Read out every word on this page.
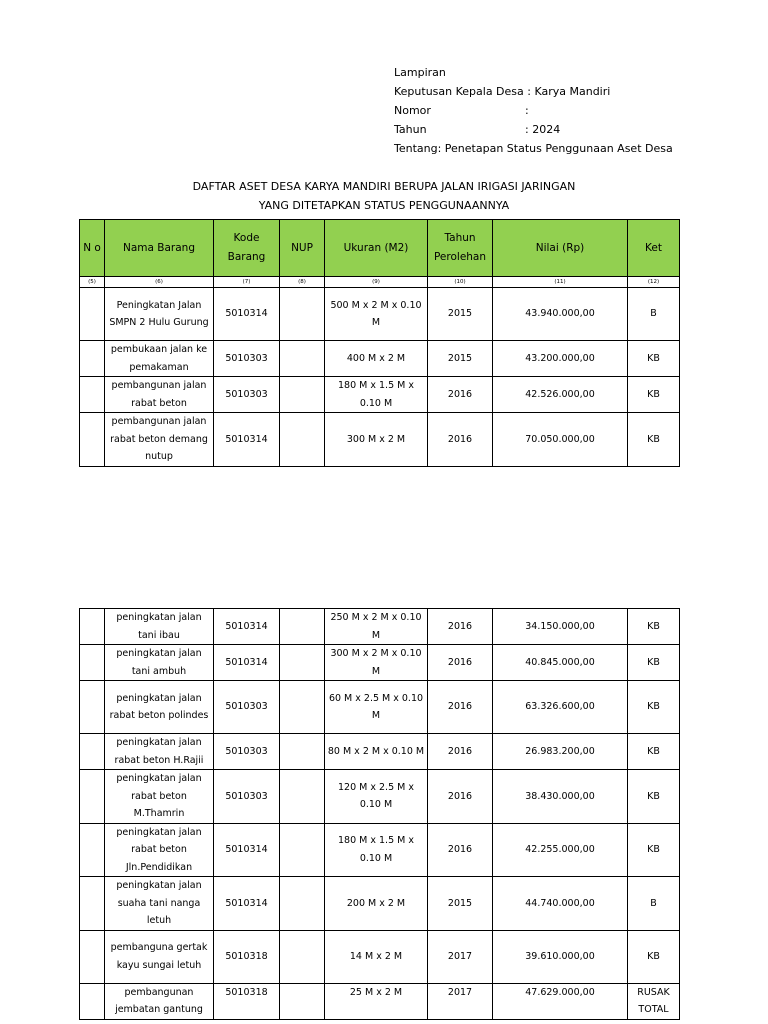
Lampiran
Keputusan Kepala Desa : Karya Mandiri
Nomor	:
Tahun	: 2024
Tentang: Penetapan Status Penggunaan Aset Desa
DAFTAR ASET DESA KARYA MANDIRI BERUPA JALAN IRIGASI JARINGAN
YANG DITETAPKAN STATUS PENGGUNAANNYA
N o	Nama Barang	Kode Barang	NUP	Ukuran (M2)	Tahun Perolehan	Nilai (Rp)	Ket
(5)	(6)	(7)	(8)	(9)	(10)	(11)	(12)
	Peningkatan Jalan SMPN 2 Hulu Gurung	5010314		500 M x 2 M x 0.10 M	2015	43.940.000,00	B
	pembukaan jalan ke pemakaman	5010303		400 M x 2 M	2015	43.200.000,00	KB
	pembangunan jalan rabat beton	5010303		180 M x 1.5 M x 0.10 M	2016	42.526.000,00	KB
	pembangunan jalan rabat beton demang nutup	5010314		300 M x 2 M	2016	70.050.000,00	KB
	peningkatan jalan tani ibau	5010314		250 M x 2 M x 0.10 M	2016	34.150.000,00	KB
	peningkatan jalan tani ambuh	5010314		300 M x 2 M x 0.10 M	2016	40.845.000,00	KB
	peningkatan jalan rabat beton polindes	5010303		60 M x 2.5 M x 0.10 M	2016	63.326.600,00	KB
	peningkatan jalan rabat beton H.Rajii	5010303		80 M x 2 M x 0.10 M	2016	26.983.200,00	KB
	peningkatan jalan rabat beton M.Thamrin	5010303		120 M x 2.5 M x 0.10 M	2016	38.430.000,00	KB
	peningkatan jalan rabat beton Jln.Pendidikan	5010314		180 M x 1.5 M x 0.10 M	2016	42.255.000,00	KB
	peningkatan jalan suaha tani nanga letuh	5010314		200 M x 2 M	2015	44.740.000,00	B
	pembanguna gertak kayu sungai letuh	5010318		14 M x 2 M	2017	39.610.000,00	KB
	pembangunan jembatan gantung	5010318		25 M x 2 M	2017	47.629.000,00	RUSAK TOTAL
